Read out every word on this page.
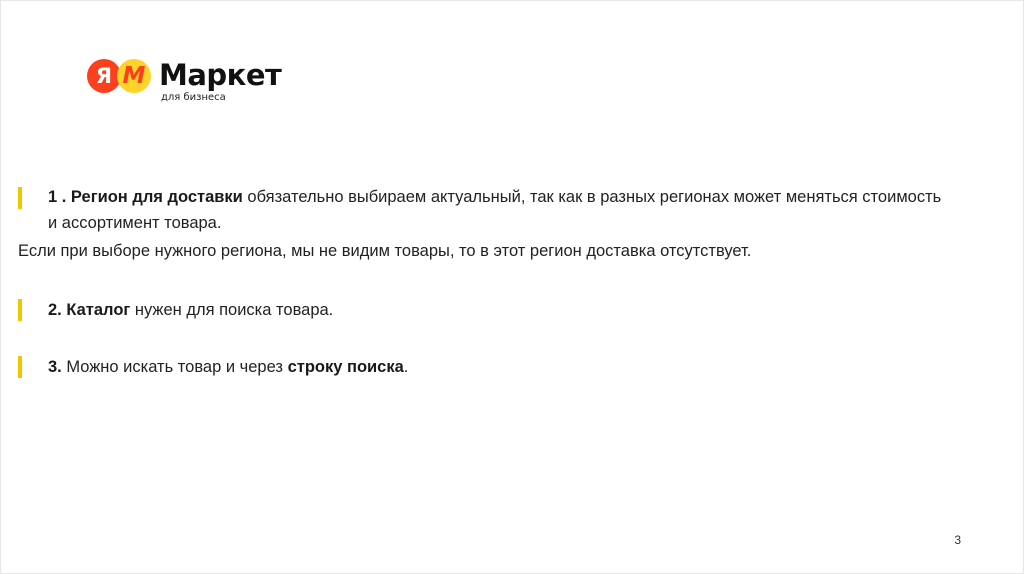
Я М Маркет
для бизнеса
1 . Регион для доставки обязательно выбираем актуальный, так как в разных регионах может меняться стоимость и ассортимент товара.
Если при выборе нужного региона, мы не видим товары, то в этот регион доставка отсутствует.
2. Каталог нужен для поиска товара.
3. Можно искать товар и через строку поиска.
3
